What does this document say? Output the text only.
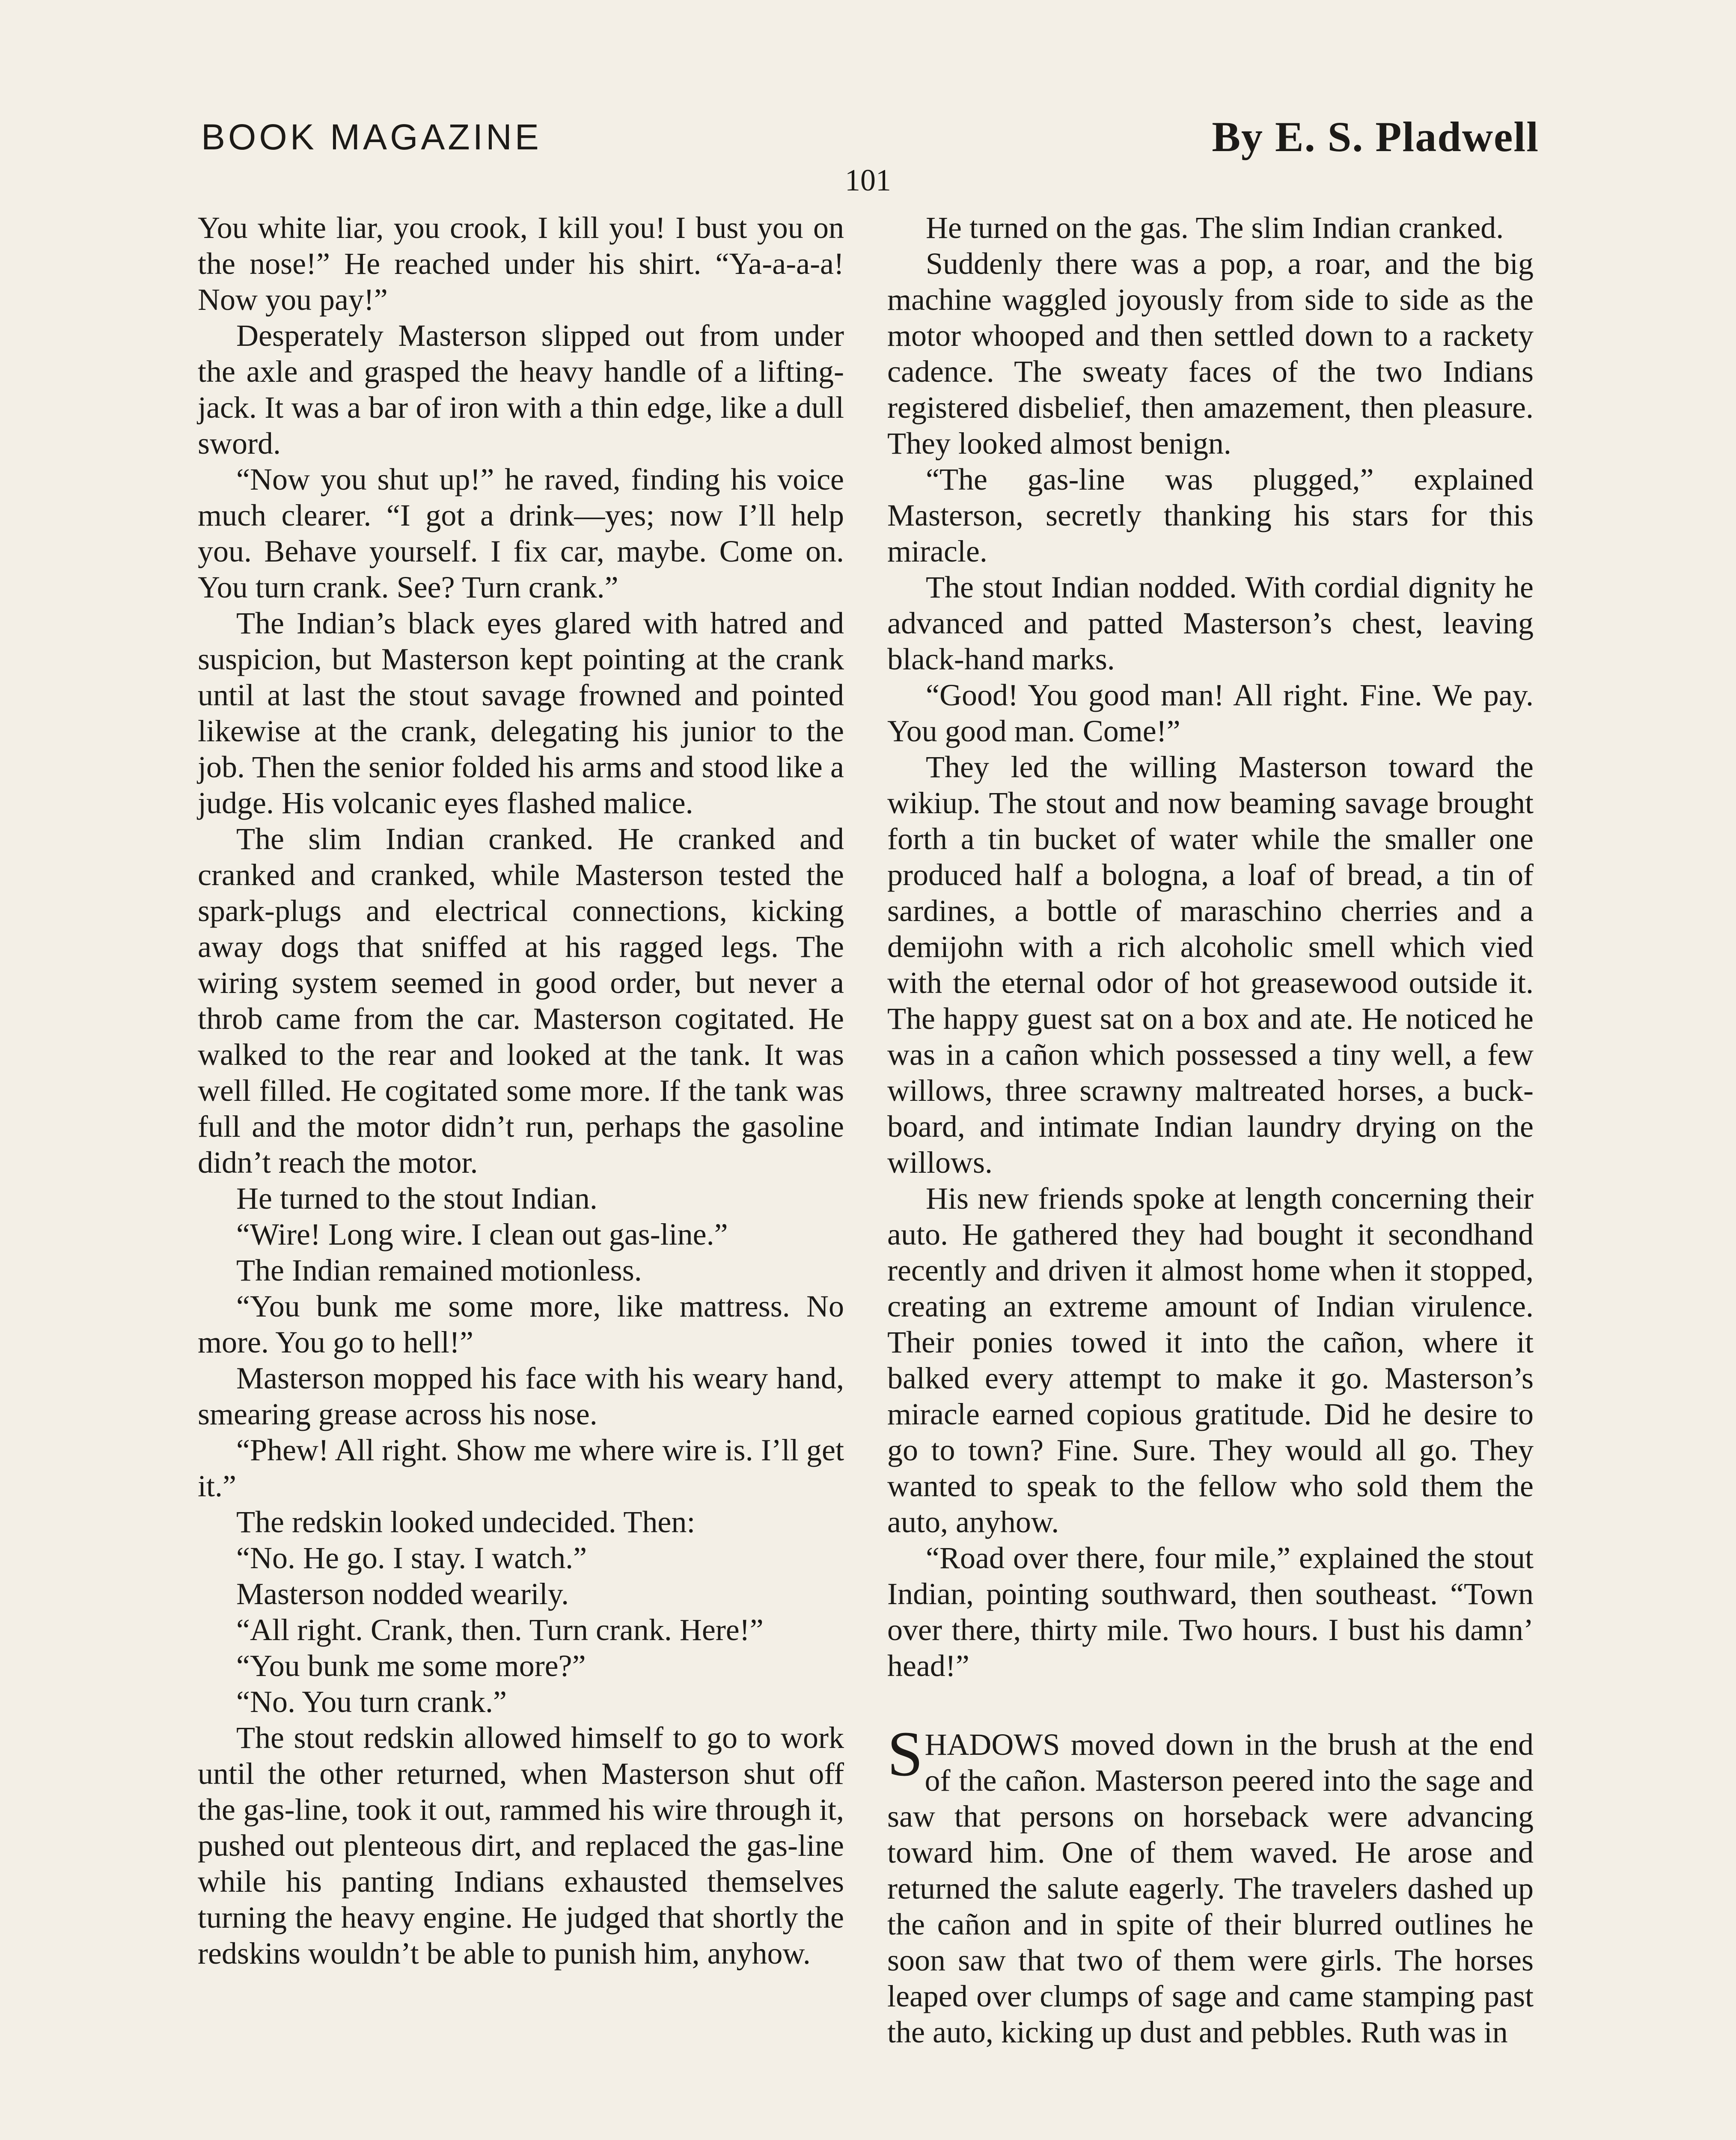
BOOK MAGAZINE	By E. S. Pladwell
101

You white liar, you crook, I kill you! I bust you on the nose!” He reached under his shirt. “Ya-a-a-a! Now you pay!”

Desperately Masterson slipped out from under the axle and grasped the heavy handle of a lifting-jack. It was a bar of iron with a thin edge, like a dull sword.

“Now you shut up!” he raved, finding his voice much clearer. “I got a drink—yes; now I’ll help you. Behave yourself. I fix car, maybe. Come on. You turn crank. See? Turn crank.”

The Indian’s black eyes glared with hatred and suspicion, but Masterson kept pointing at the crank until at last the stout savage frowned and pointed likewise at the crank, delegating his junior to the job. Then the senior folded his arms and stood like a judge. His volcanic eyes flashed malice.

The slim Indian cranked. He cranked and cranked and cranked, while Masterson tested the spark-plugs and electrical connections, kicking away dogs that sniffed at his ragged legs. The wiring system seemed in good order, but never a throb came from the car. Masterson cogitated. He walked to the rear and looked at the tank. It was well filled. He cogitated some more. If the tank was full and the motor didn’t run, perhaps the gasoline didn’t reach the motor.

He turned to the stout Indian.

“Wire! Long wire. I clean out gas-line.”

The Indian remained motionless.

“You bunk me some more, like mattress. No more. You go to hell!”

Masterson mopped his face with his weary hand, smearing grease across his nose.

“Phew! All right. Show me where wire is. I’ll get it.”

The redskin looked undecided. Then:

“No. He go. I stay. I watch.”

Masterson nodded wearily.

“All right. Crank, then. Turn crank. Here!”

“You bunk me some more?”

“No. You turn crank.”

The stout redskin allowed himself to go to work until the other returned, when Masterson shut off the gas-line, took it out, rammed his wire through it, pushed out plenteous dirt, and replaced the gas-line while his panting Indians exhausted themselves turning the heavy engine. He judged that shortly the redskins wouldn’t be able to punish him, anyhow.

He turned on the gas. The slim Indian cranked.

Suddenly there was a pop, a roar, and the big machine waggled joyously from side to side as the motor whooped and then settled down to a rackety cadence. The sweaty faces of the two Indians registered disbelief, then amazement, then pleasure. They looked almost benign.

“The gas-line was plugged,” explained Masterson, secretly thanking his stars for this miracle.

The stout Indian nodded. With cordial dignity he advanced and patted Masterson’s chest, leaving black-hand marks.

“Good! You good man! All right. Fine. We pay. You good man. Come!”

They led the willing Masterson toward the wikiup. The stout and now beaming savage brought forth a tin bucket of water while the smaller one produced half a bologna, a loaf of bread, a tin of sardines, a bottle of maraschino cherries and a demijohn with a rich alcoholic smell which vied with the eternal odor of hot greasewood outside it. The happy guest sat on a box and ate. He noticed he was in a cañon which possessed a tiny well, a few willows, three scrawny maltreated horses, a buckboard, and intimate Indian laundry drying on the willows.

His new friends spoke at length concerning their auto. He gathered they had bought it secondhand recently and driven it almost home when it stopped, creating an extreme amount of Indian virulence. Their ponies towed it into the cañon, where it balked every attempt to make it go. Masterson’s miracle earned copious gratitude. Did he desire to go to town? Fine. Sure. They would all go. They wanted to speak to the fellow who sold them the auto, anyhow.

“Road over there, four mile,” explained the stout Indian, pointing southward, then southeast. “Town over there, thirty mile. Two hours. I bust his damn’ head!”

SHADOWS moved down in the brush at the end of the cañon. Masterson peered into the sage and saw that persons on horseback were advancing toward him. One of them waved. He arose and returned the salute eagerly. The travelers dashed up the cañon and in spite of their blurred outlines he soon saw that two of them were girls. The horses leaped over clumps of sage and came stamping past the auto, kicking up dust and pebbles. Ruth was in
